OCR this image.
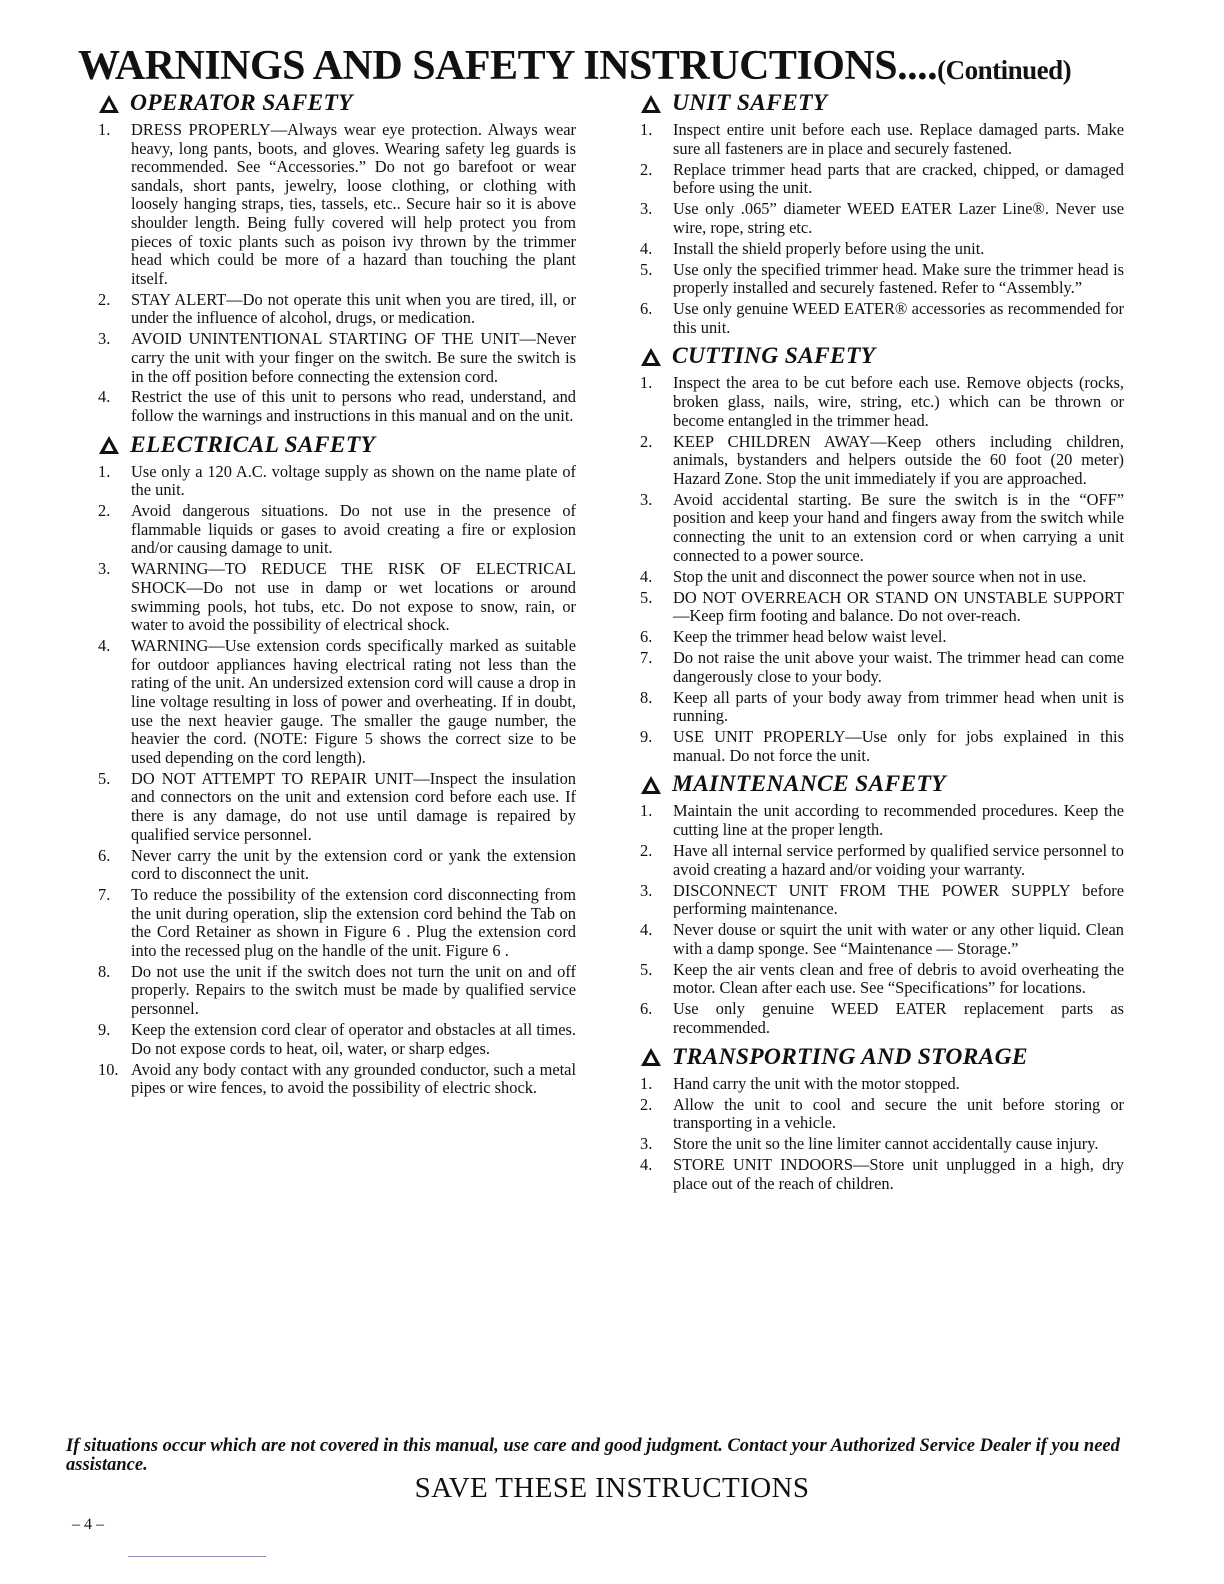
WARNINGS AND SAFETY INSTRUCTIONS....(Continued)
OPERATOR SAFETY
1.	DRESS PROPERLY—Always wear eye protection. Always wear heavy, long pants, boots, and gloves. Wearing safety leg guards is recommended. See “Accessories.” Do not go barefoot or wear sandals, short pants, jewelry, loose clothing, or clothing with loosely hanging straps, ties, tassels, etc.. Secure hair so it is above shoulder length. Being fully covered will help protect you from pieces of toxic plants such as poison ivy thrown by the trimmer head which could be more of a hazard than touching the plant itself.
2.	STAY ALERT—Do not operate this unit when you are tired, ill, or under the influence of alcohol, drugs, or medication.
3.	AVOID UNINTENTIONAL STARTING OF THE UNIT—Never carry the unit with your finger on the switch. Be sure the switch is in the off position before connecting the extension cord.
4.	Restrict the use of this unit to persons who read, understand, and follow the warnings and instructions in this manual and on the unit.
ELECTRICAL SAFETY
1.	Use only a 120 A.C. voltage supply as shown on the name plate of the unit.
2.	Avoid dangerous situations. Do not use in the presence of flammable liquids or gases to avoid creating a fire or explosion and/or causing damage to unit.
3.	WARNING—TO REDUCE THE RISK OF ELECTRICAL SHOCK—Do not use in damp or wet locations or around swimming pools, hot tubs, etc. Do not expose to snow, rain, or water to avoid the possibility of electrical shock.
4.	WARNING—Use extension cords specifically marked as suitable for outdoor appliances having electrical rating not less than the rating of the unit. An undersized extension cord will cause a drop in line voltage resulting in loss of power and overheating. If in doubt, use the next heavier gauge. The smaller the gauge number, the heavier the cord. (NOTE: Figure 5 shows the correct size to be used depending on the cord length).
5.	DO NOT ATTEMPT TO REPAIR UNIT—Inspect the insulation and connectors on the unit and extension cord before each use. If there is any damage, do not use until damage is repaired by qualified service personnel.
6.	Never carry the unit by the extension cord or yank the extension cord to disconnect the unit.
7.	To reduce the possibility of the extension cord disconnecting from the unit during operation, slip the extension cord behind the Tab on the Cord Retainer as shown in Figure 6 . Plug the extension cord into the recessed plug on the handle of the unit. Figure 6 .
8.	Do not use the unit if the switch does not turn the unit on and off properly. Repairs to the switch must be made by qualified service personnel.
9.	Keep the extension cord clear of operator and obstacles at all times. Do not expose cords to heat, oil, water, or sharp edges.
10. Avoid any body contact with any grounded conductor, such a metal pipes or wire fences, to avoid the possibility of electric shock.
UNIT SAFETY
1.	Inspect entire unit before each use. Replace damaged parts. Make sure all fasteners are in place and securely fastened.
2.	Replace trimmer head parts that are cracked, chipped, or damaged before using the unit.
3.	Use only .065” diameter WEED EATER Lazer Line®. Never use wire, rope, string etc.
4.	Install the shield properly before using the unit.
5.	Use only the specified trimmer head. Make sure the trimmer head is properly installed and securely fastened. Refer to “Assembly.”
6.	Use only genuine WEED EATER® accessories as recommended for this unit.
CUTTING SAFETY
1.	Inspect the area to be cut before each use. Remove objects (rocks, broken glass, nails, wire, string, etc.) which can be thrown or become entangled in the trimmer head.
2.	KEEP CHILDREN AWAY—Keep others including children, animals, bystanders and helpers outside the 60 foot (20 meter) Hazard Zone. Stop the unit immediately if you are approached.
3.	Avoid accidental starting. Be sure the switch is in the “OFF” position and keep your hand and fingers away from the switch while connecting the unit to an extension cord or when carrying a unit connected to a power source.
4.	Stop the unit and disconnect the power source when not in use.
5.	DO NOT OVERREACH OR STAND ON UNSTABLE SUPPORT—Keep firm footing and balance. Do not over-reach.
6.	Keep the trimmer head below waist level.
7.	Do not raise the unit above your waist. The trimmer head can come dangerously close to your body.
8.	Keep all parts of your body away from trimmer head when unit is running.
9.	USE UNIT PROPERLY—Use only for jobs explained in this manual. Do not force the unit.
MAINTENANCE SAFETY
1.	Maintain the unit according to recommended procedures. Keep the cutting line at the proper length.
2.	Have all internal service performed by qualified service personnel to avoid creating a hazard and/or voiding your warranty.
3.	DISCONNECT UNIT FROM THE POWER SUPPLY before performing maintenance.
4.	Never douse or squirt the unit with water or any other liquid. Clean with a damp sponge. See “Maintenance — Storage.”
5.	Keep the air vents clean and free of debris to avoid overheating the motor. Clean after each use. See “Specifications” for locations.
6.	Use only genuine WEED EATER replacement parts as recommended.
TRANSPORTING AND STORAGE
1.	Hand carry the unit with the motor stopped.
2.	Allow the unit to cool and secure the unit before storing or transporting in a vehicle.
3.	Store the unit so the line limiter cannot accidentally cause injury.
4.	STORE UNIT INDOORS—Store unit unplugged in a high, dry place out of the reach of children.
If situations occur which are not covered in this manual, use care and good judgment. Contact your Authorized Service Dealer if you need assistance.
SAVE THESE INSTRUCTIONS
– 4 –
